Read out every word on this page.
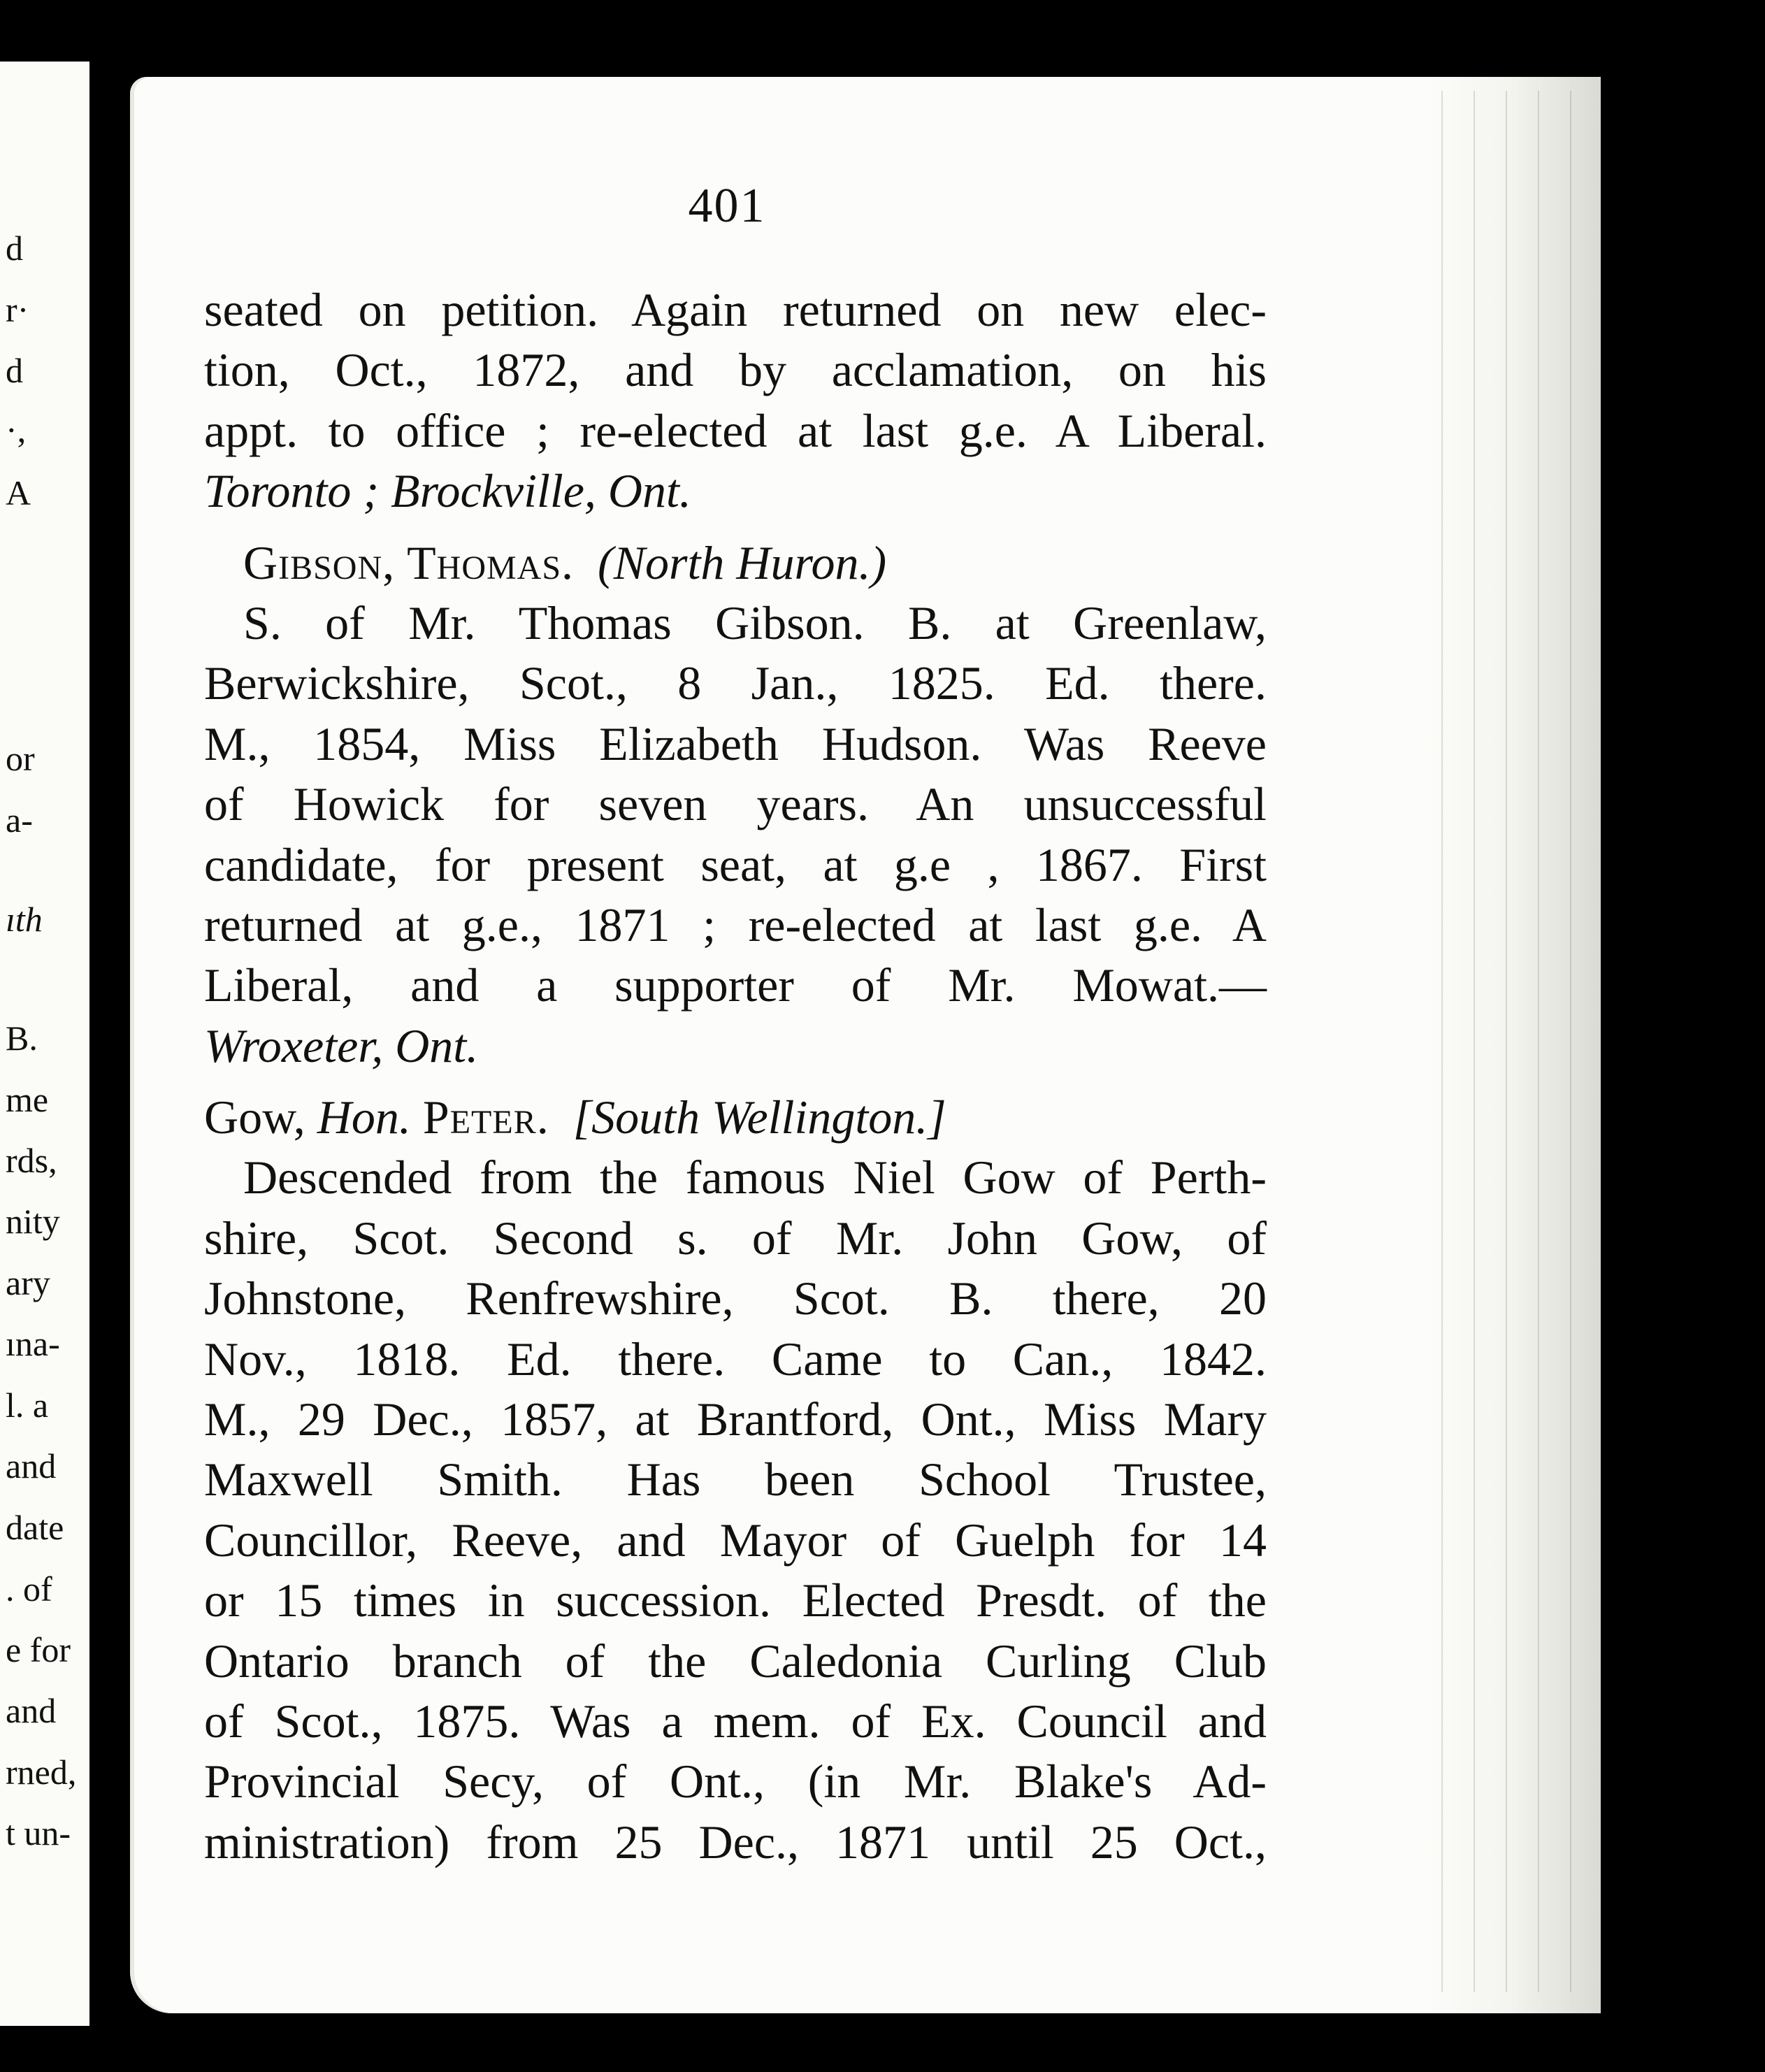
d
r·
d
·,
A
or
a-
ıth
B.
me
rds,
nity
ary
ına-
l. a
and
date
. of
e for
and
rned,
t un-
401
seated on petition. Again returned on new elec-
tion, Oct., 1872, and by acclamation, on his
appt. to office ; re-elected at last g.e. A Liberal.
Toronto ; Brockville, Ont.
Gibson, Thomas. (North Huron.)
S. of Mr. Thomas Gibson. B. at Greenlaw,
Berwickshire, Scot., 8 Jan., 1825. Ed. there.
M., 1854, Miss Elizabeth Hudson. Was Reeve
of Howick for seven years. An unsuccessful
candidate, for present seat, at g.e , 1867. First
returned at g.e., 1871 ; re-elected at last g.e. A
Liberal, and a supporter of Mr. Mowat.—
Wroxeter, Ont.
Gow, Hon. Peter. [South Wellington.]
Descended from the famous Niel Gow of Perth-
shire, Scot. Second s. of Mr. John Gow, of
Johnstone, Renfrewshire, Scot. B. there, 20
Nov., 1818. Ed. there. Came to Can., 1842.
M., 29 Dec., 1857, at Brantford, Ont., Miss Mary
Maxwell Smith. Has been School Trustee,
Councillor, Reeve, and Mayor of Guelph for 14
or 15 times in succession. Elected Presdt. of the
Ontario branch of the Caledonia Curling Club
of Scot., 1875. Was a mem. of Ex. Council and
Provincial Secy, of Ont., (in Mr. Blake's Ad-
ministration) from 25 Dec., 1871 until 25 Oct.,
